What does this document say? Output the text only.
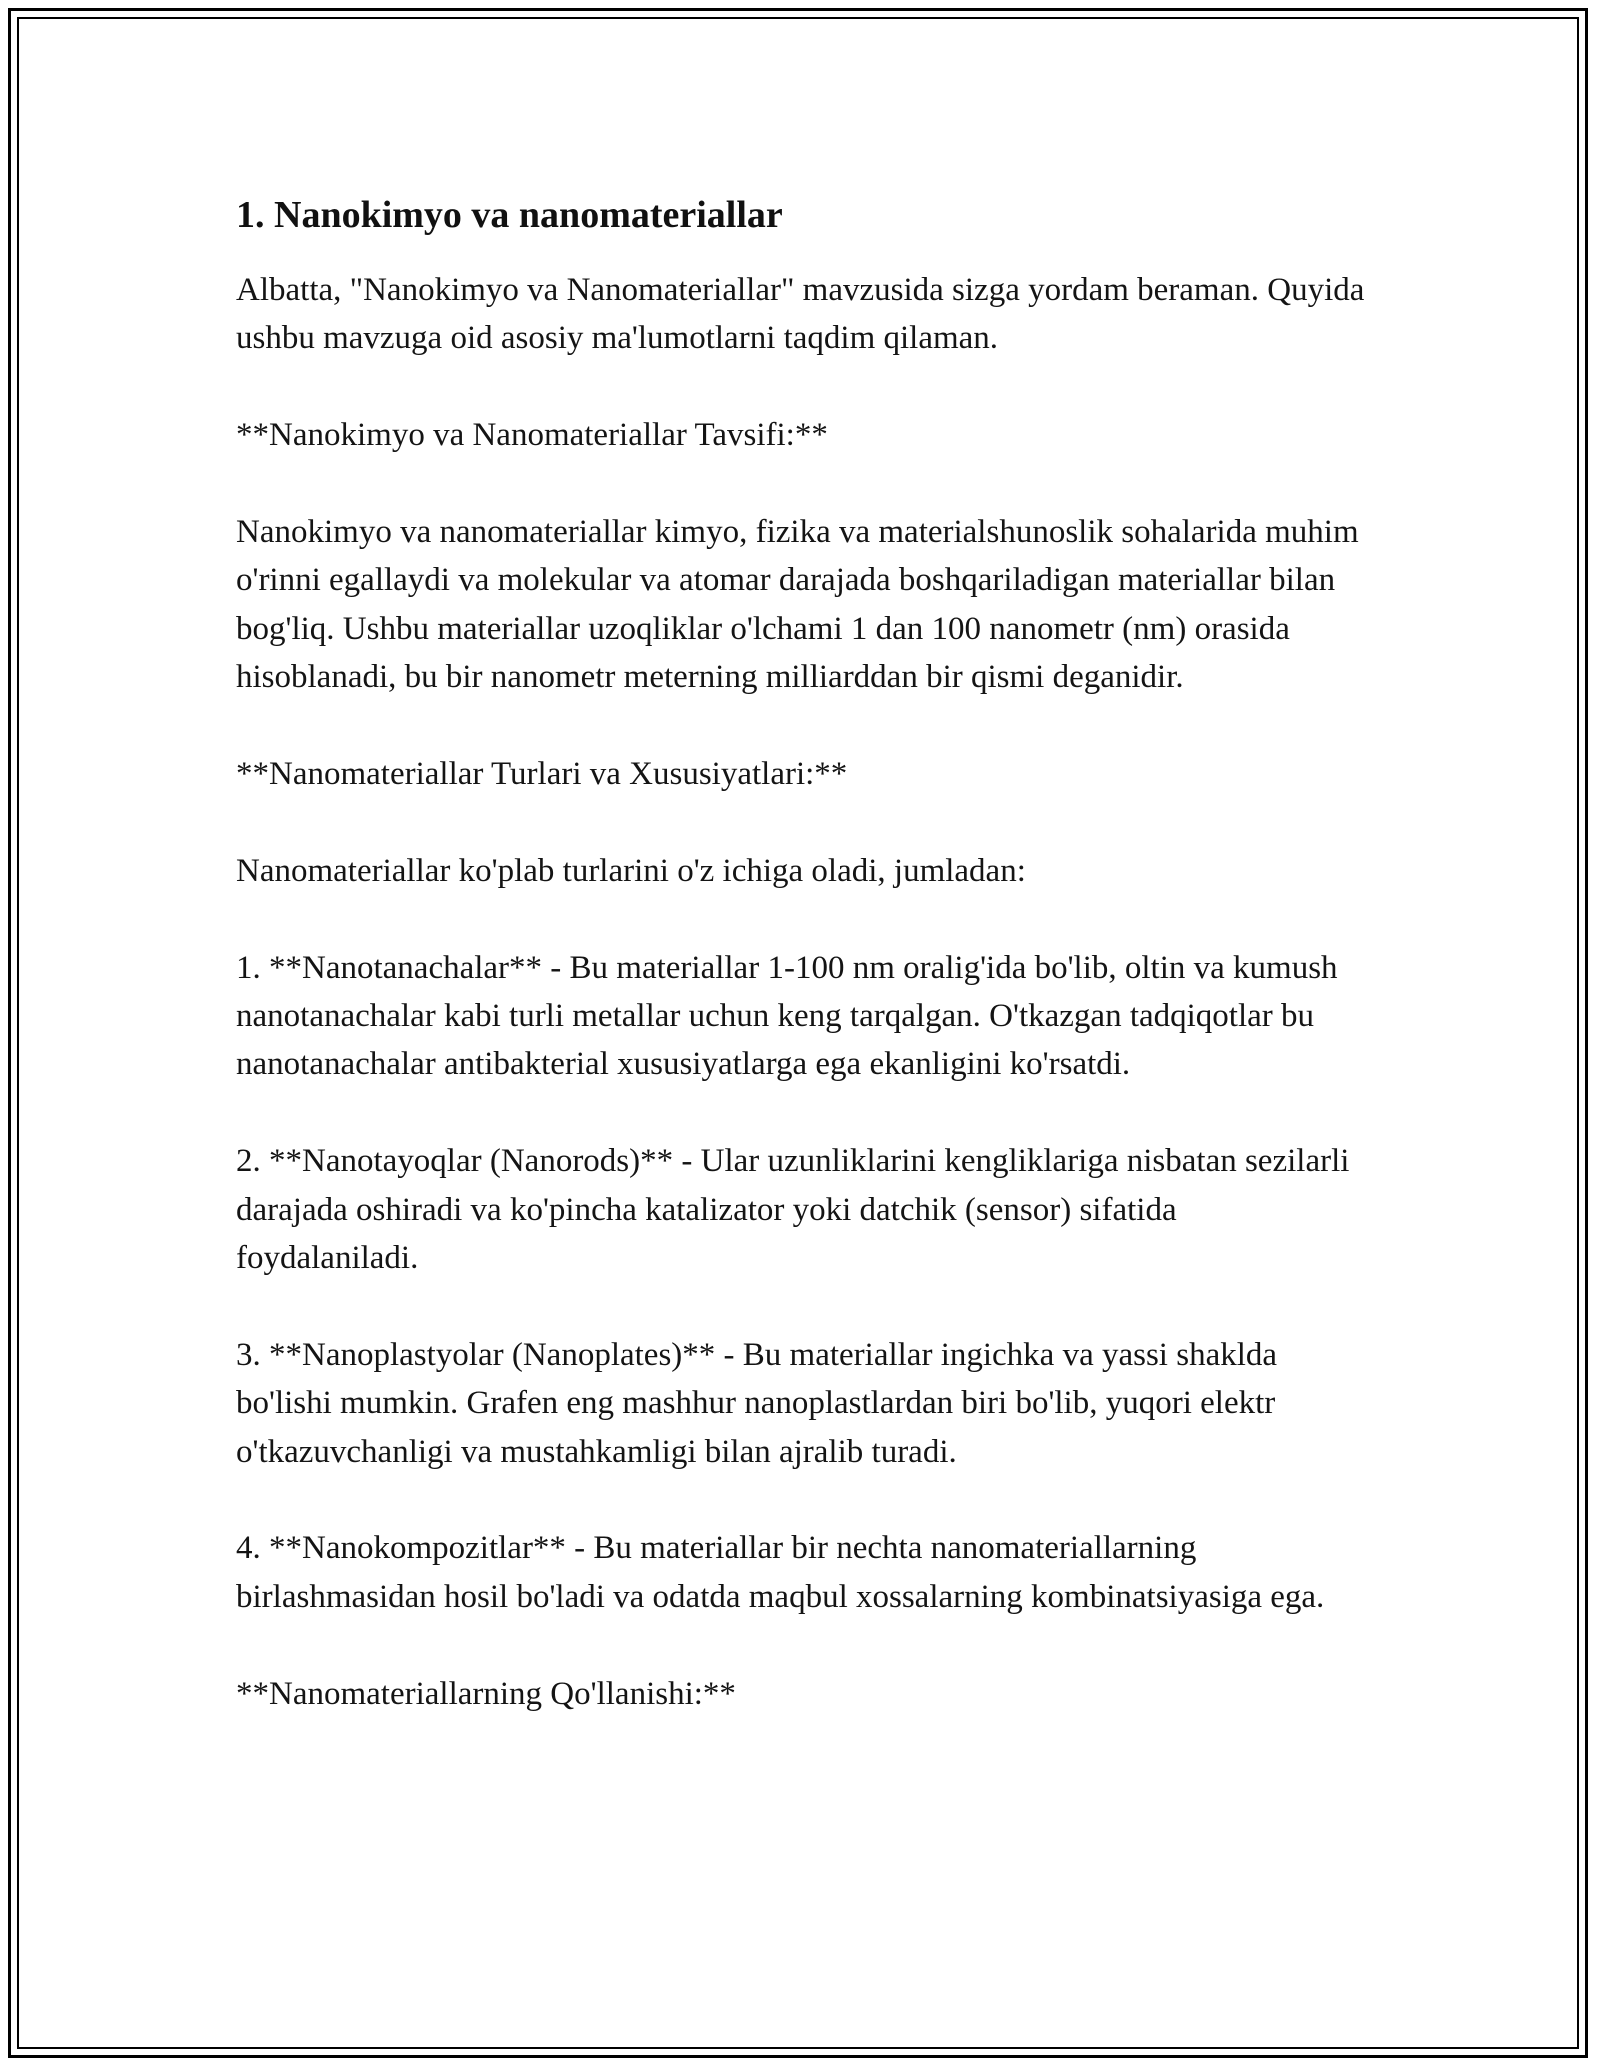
1. Nanokimyo va nanomateriallar

Albatta, "Nanokimyo va Nanomateriallar" mavzusida sizga yordam beraman. Quyida ushbu mavzuga oid asosiy ma'lumotlarni taqdim qilaman.

**Nanokimyo va Nanomateriallar Tavsifi:**

Nanokimyo va nanomateriallar kimyo, fizika va materialshunoslik sohalarida muhim o'rinni egallaydi va molekular va atomar darajada boshqariladigan materiallar bilan bog'liq. Ushbu materiallar uzoqliklar o'lchami 1 dan 100 nanometr (nm) orasida hisoblanadi, bu bir nanometr meterning milliarddan bir qismi deganidir.

**Nanomateriallar Turlari va Xususiyatlari:**

Nanomateriallar ko'plab turlarini o'z ichiga oladi, jumladan:

1. **Nanotanachalar** - Bu materiallar 1-100 nm oralig'ida bo'lib, oltin va kumush nanotanachalar kabi turli metallar uchun keng tarqalgan. O'tkazgan tadqiqotlar bu nanotanachalar antibakterial xususiyatlarga ega ekanligini ko'rsatdi.

2. **Nanotayoqlar (Nanorods)** - Ular uzunliklarini kengliklariga nisbatan sezilarli darajada oshiradi va ko'pincha katalizator yoki datchik (sensor) sifatida foydalaniladi.

3. **Nanoplastyolar (Nanoplates)** - Bu materiallar ingichka va yassi shaklda bo'lishi mumkin. Grafen eng mashhur nanoplastlardan biri bo'lib, yuqori elektr o'tkazuvchanligi va mustahkamligi bilan ajralib turadi.

4. **Nanokompozitlar** - Bu materiallar bir nechta nanomateriallarning birlashmasidan hosil bo'ladi va odatda maqbul xossalarning kombinatsiyasiga ega.

**Nanomateriallarning Qo'llanishi:**
